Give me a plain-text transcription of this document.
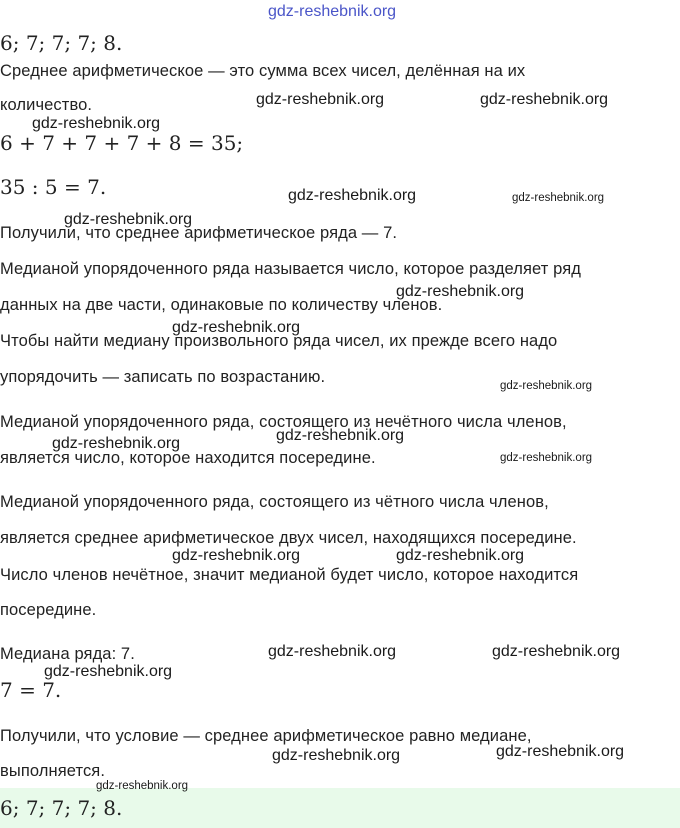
6; 7; 7; 7; 8.

Среднее арифметическое — это сумма всех чисел, делённая на их

количество.

6 + 7 + 7 + 7 + 8 = 35;

35 : 5 = 7.

Получили, что среднее арифметическое ряда — 7.

Медианой упорядоченного ряда называется число, которое разделяет ряд

данных на две части, одинаковые по количеству членов.

Чтобы найти медиану произвольного ряда чисел, их прежде всего надо

упорядочить — записать по возрастанию.

Медианой упорядоченного ряда, состоящего из нечётного числа членов,

является число, которое находится посередине.

Медианой упорядоченного ряда, состоящего из чётного числа членов,

является среднее арифметическое двух чисел, находящихся посередине.

Число членов нечётное, значит медианой будет число, которое находится

посередине.

Медиана ряда: 7.

7 = 7.

Получили, что условие — среднее арифметическое равно медиане,

выполняется.

6; 7; 7; 7; 8.

gdz-reshebnik.org
gdz-reshebnik.org	gdz-reshebnik.org
gdz-reshebnik.org
gdz-reshebnik.org	gdz-reshebnik.org
gdz-reshebnik.org
gdz-reshebnik.org
gdz-reshebnik.org
gdz-reshebnik.org
gdz-reshebnik.org
gdz-reshebnik.org
gdz-reshebnik.org
gdz-reshebnik.org	gdz-reshebnik.org
gdz-reshebnik.org	gdz-reshebnik.org
gdz-reshebnik.org
gdz-reshebnik.org
gdz-reshebnik.org
gdz-reshebnik.org
